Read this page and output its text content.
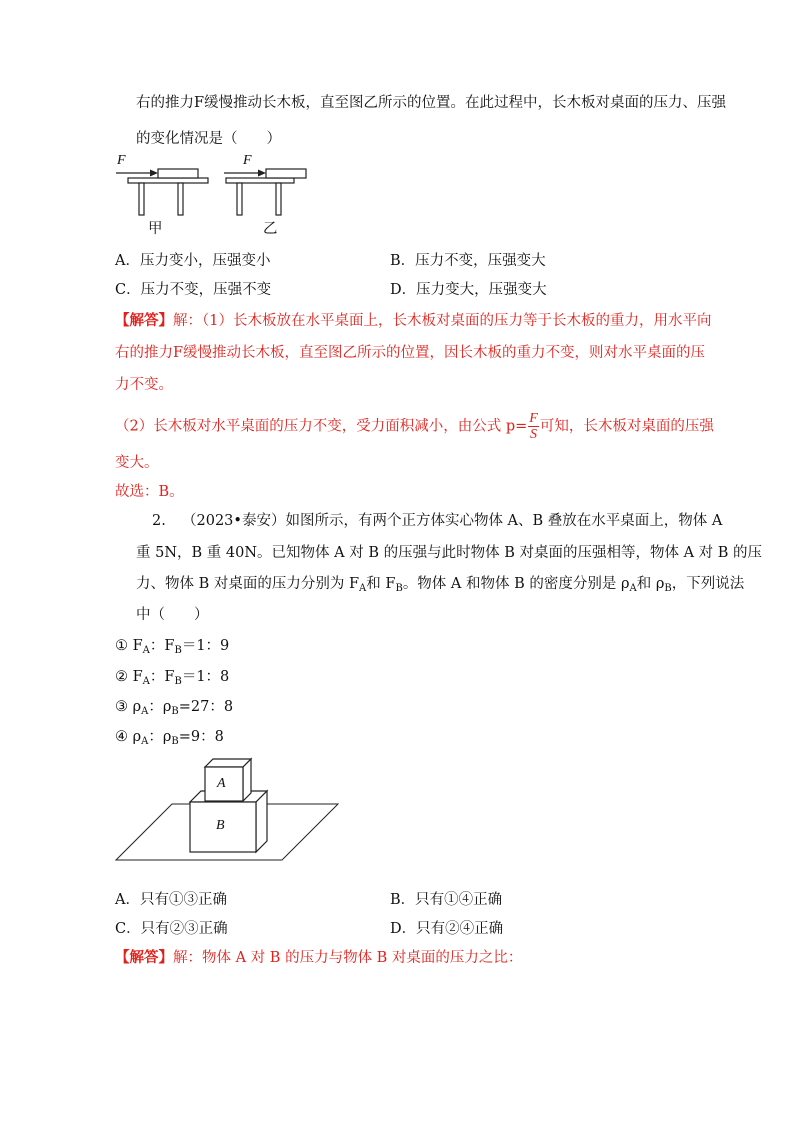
右的推力F缓慢推动长木板，直至图乙所示的位置。在此过程中，长木板对桌面的压力、压强
的变化情况是（　　）
F	F
甲	乙
A．压力变小，压强变小	B．压力不变，压强变大
C．压力不变，压强不变	D．压力变大，压强变大
【解答】解：（1）长木板放在水平桌面上，长木板对桌面的压力等于长木板的重力，用水平向
右的推力F缓慢推动长木板，直至图乙所示的位置，因长木板的重力不变，则对水平桌面的压
力不变。
（2）长木板对水平桌面的压力不变，受力面积减小，由公式 $p= \frac{F}{S}$ 可知，长木板对桌面的压强
变大。
故选：B。
2. （2023•泰安）如图所示，有两个正方体实心物体 A、B 叠放在水平桌面上，物体 A
重 5N，B 重 40N。已知物体 A 对 B 的压强与此时物体 B 对桌面的压强相等，物体 A 对 B 的压
力、物体 B 对桌面的压力分别为 $F_A$和 $F_B$。物体 A 和物体 B 的密度分别是 $\rho_A$和 $\rho_B$，下列说法
中（　　）
① $F_A$：$F_B=1$：9
② $F_A$：$F_B=1$：8
③ $\rho_A$：$\rho_B=27$：8
④ $\rho_A$：$\rho_B=9$：8
A
B
A．只有①③正确	B．只有①④正确
C．只有②③正确	D．只有②④正确
【解答】解：物体 A 对 B 的压力与物体 B 对桌面的压力之比：
